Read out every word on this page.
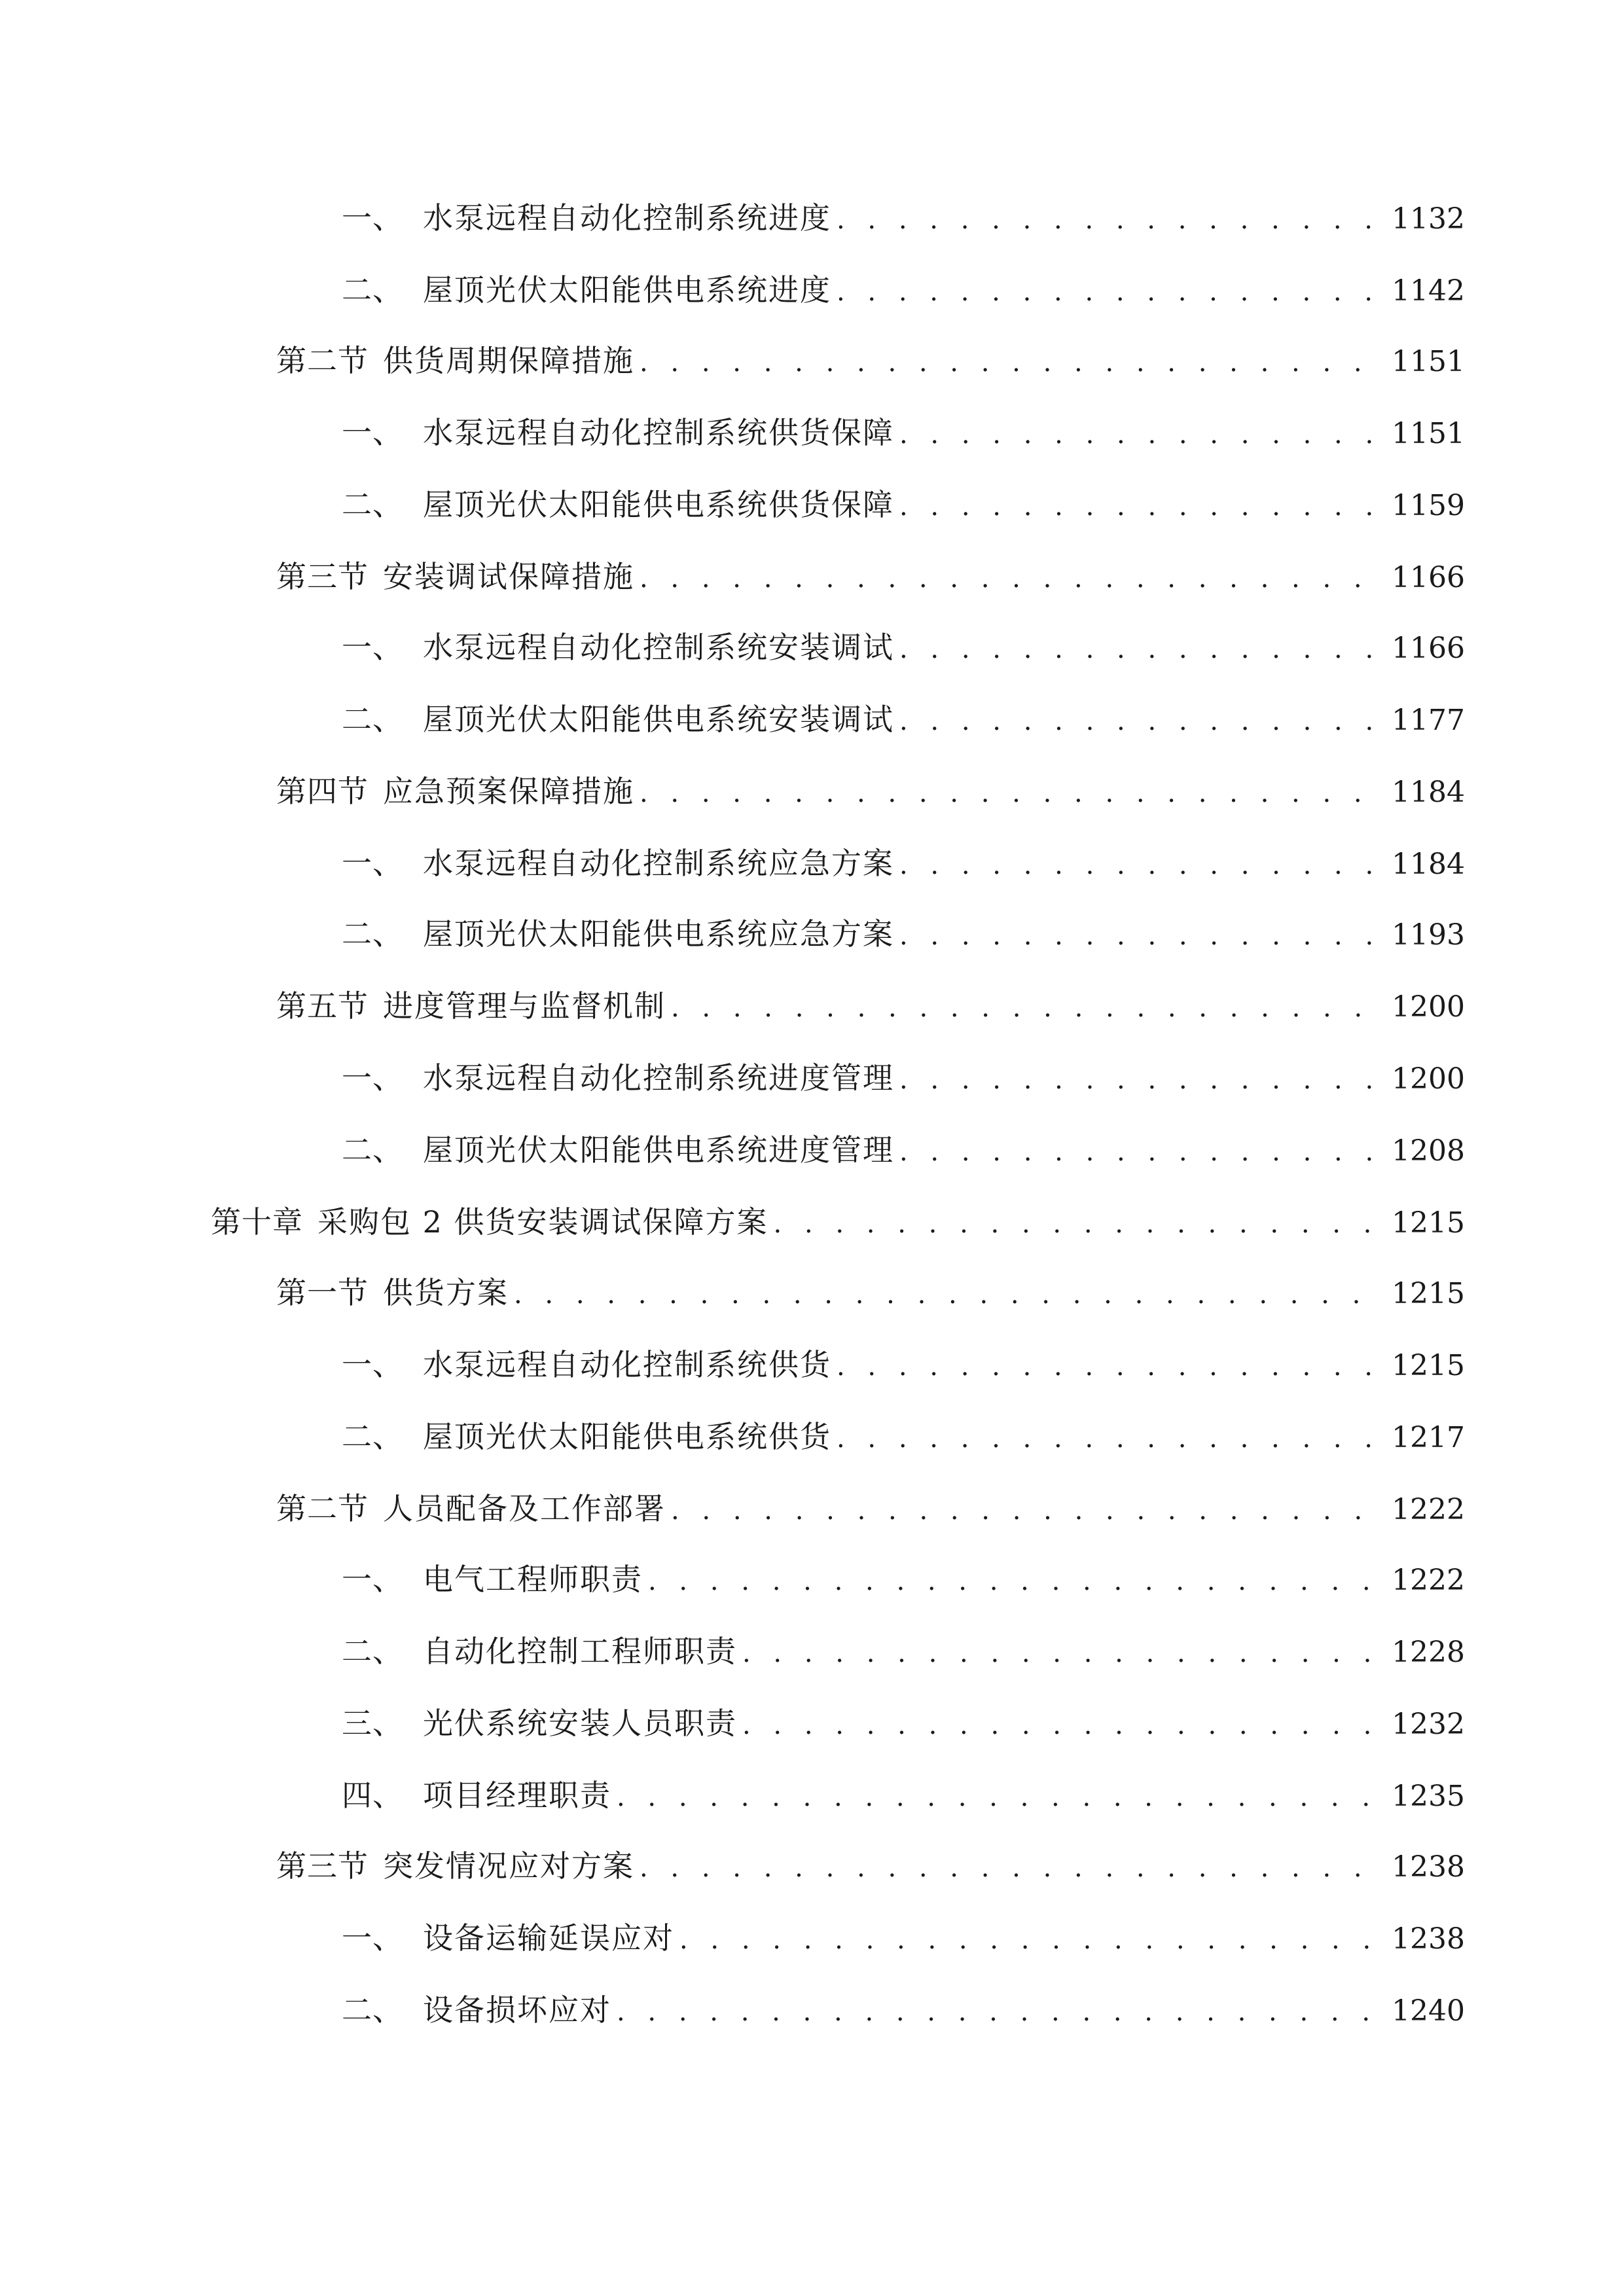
一、 水泵远程自动化控制系统进度 . . .	1132
二、 屋顶光伏太阳能供电系统进度 . . .	1142
第二节 供货周期保障措施 . . .	1151
一、 水泵远程自动化控制系统供货保障 . . .	1151
二、 屋顶光伏太阳能供电系统供货保障 . . .	1159
第三节 安装调试保障措施 . . .	1166
一、 水泵远程自动化控制系统安装调试 . . .	1166
二、 屋顶光伏太阳能供电系统安装调试 . . .	1177
第四节 应急预案保障措施 . . .	1184
一、 水泵远程自动化控制系统应急方案 . . .	1184
二、 屋顶光伏太阳能供电系统应急方案 . . .	1193
第五节 进度管理与监督机制 . . .	1200
一、 水泵远程自动化控制系统进度管理 . . .	1200
二、 屋顶光伏太阳能供电系统进度管理 . . .	1208
第十章 采购包 2 供货安装调试保障方案 . . .	1215
第一节 供货方案 . . .	1215
一、 水泵远程自动化控制系统供货 . . .	1215
二、 屋顶光伏太阳能供电系统供货 . . .	1217
第二节 人员配备及工作部署 . . .	1222
一、 电气工程师职责 . . .	1222
二、 自动化控制工程师职责 . . .	1228
三、 光伏系统安装人员职责 . . .	1232
四、 项目经理职责 . . .	1235
第三节 突发情况应对方案 . . .	1238
一、 设备运输延误应对 . . .	1238
二、 设备损坏应对 . . .	1240
